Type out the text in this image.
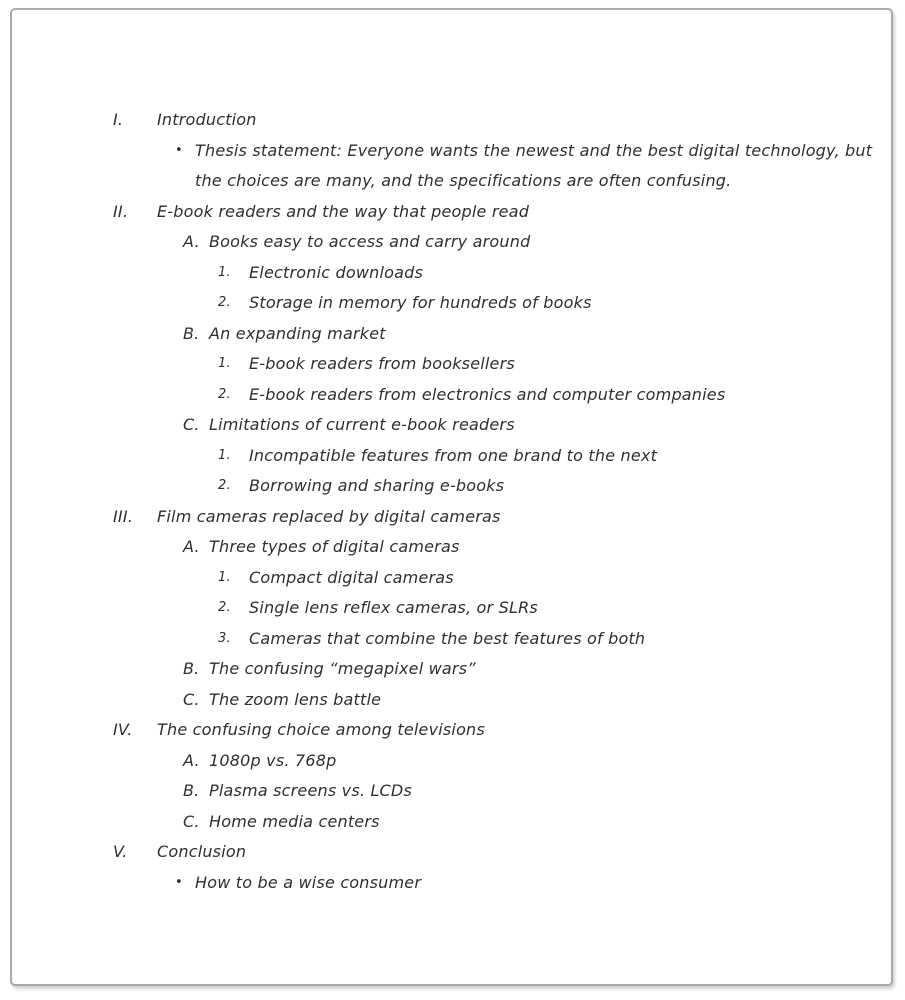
I.	Introduction
• Thesis statement: Everyone wants the newest and the best digital technology, but the choices are many, and the specifications are often confusing.
II.	E-book readers and the way that people read
A. Books easy to access and carry around
1.	Electronic downloads
2.	Storage in memory for hundreds of books
B. An expanding market
1.	E-book readers from booksellers
2.	E-book readers from electronics and computer companies
C. Limitations of current e-book readers
1.	Incompatible features from one brand to the next
2.	Borrowing and sharing e-books
III.	Film cameras replaced by digital cameras
A. Three types of digital cameras
1.	Compact digital cameras
2.	Single lens reflex cameras, or SLRs
3.	Cameras that combine the best features of both
B. The confusing “megapixel wars”
C. The zoom lens battle
IV.	The confusing choice among televisions
A. 1080p vs. 768p
B. Plasma screens vs. LCDs
C. Home media centers
V.	Conclusion
• How to be a wise consumer
